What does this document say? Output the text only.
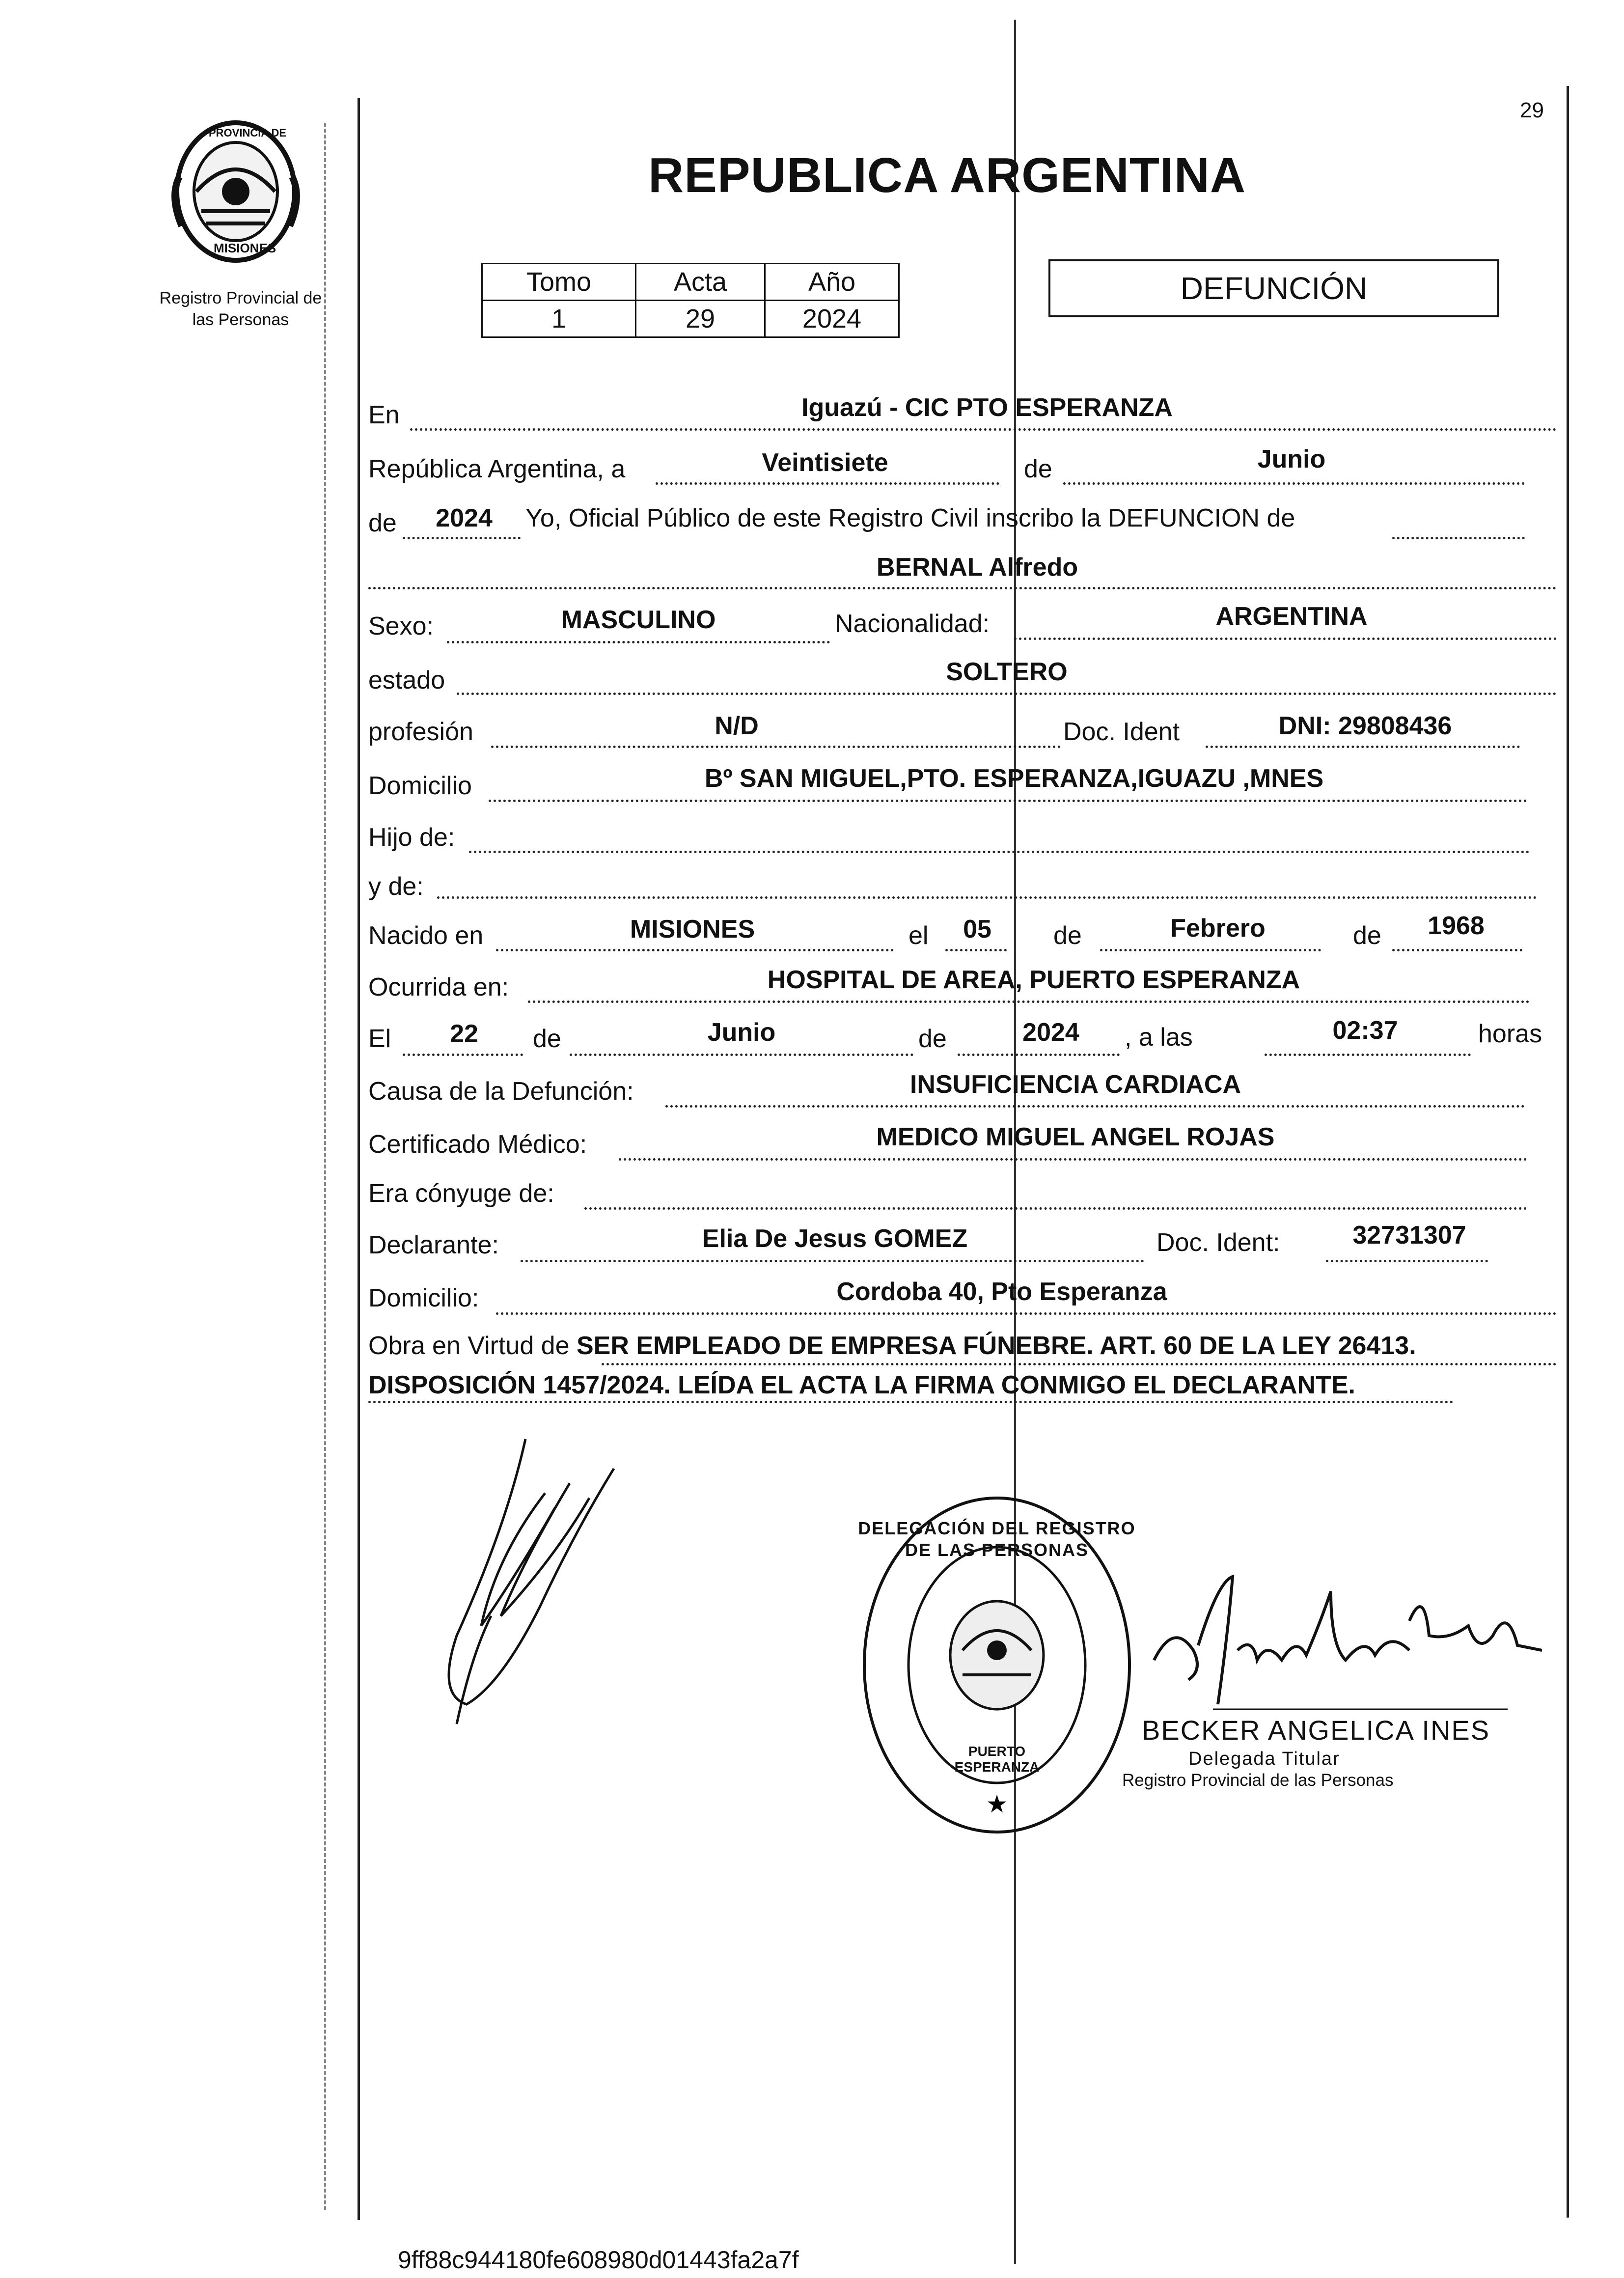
PROVINCIA DE
MISIONES
Registro Provincial de
las Personas
29
REPUBLICA ARGENTINA
Tomo	Acta	Año
1	29	2024
DEFUNCIÓN
En	Iguazú - CIC PTO ESPERANZA
República Argentina, a	Veintisiete	de	Junio
de	2024	Yo, Oficial Público de este Registro Civil inscribo la DEFUNCION de
BERNAL Alfredo
Sexo:	MASCULINO	Nacionalidad:	ARGENTINA
estado	SOLTERO
profesión	N/D	Doc. Ident	DNI: 29808436
Domicilio	Bº SAN MIGUEL,PTO. ESPERANZA,IGUAZU ,MNES
Hijo de:
y de:
Nacido en	MISIONES	el	05	de	Febrero	de	1968
Ocurrida en:	HOSPITAL DE AREA, PUERTO ESPERANZA
El	22	de	Junio	de	2024	, a las	02:37	horas
Causa de la Defunción:	INSUFICIENCIA CARDIACA
Certificado Médico:	MEDICO MIGUEL ANGEL ROJAS
Era cónyuge de:
Declarante:	Elia De Jesus GOMEZ	Doc. Ident:	32731307
Domicilio:	Cordoba 40, Pto Esperanza
Obra en Virtud de SER EMPLEADO DE EMPRESA FÚNEBRE. ART. 60 DE LA LEY 26413.
DISPOSICIÓN 1457/2024. LEÍDA EL ACTA LA FIRMA CONMIGO EL DECLARANTE.
★
DELEGACIÓN DEL REGISTRO DE LAS PERSONAS
PUERTO ESPERANZA
BECKER ANGELICA INES
Delegada Titular
Registro Provincial de las Personas
9ff88c944180fe608980d01443fa2a7f
